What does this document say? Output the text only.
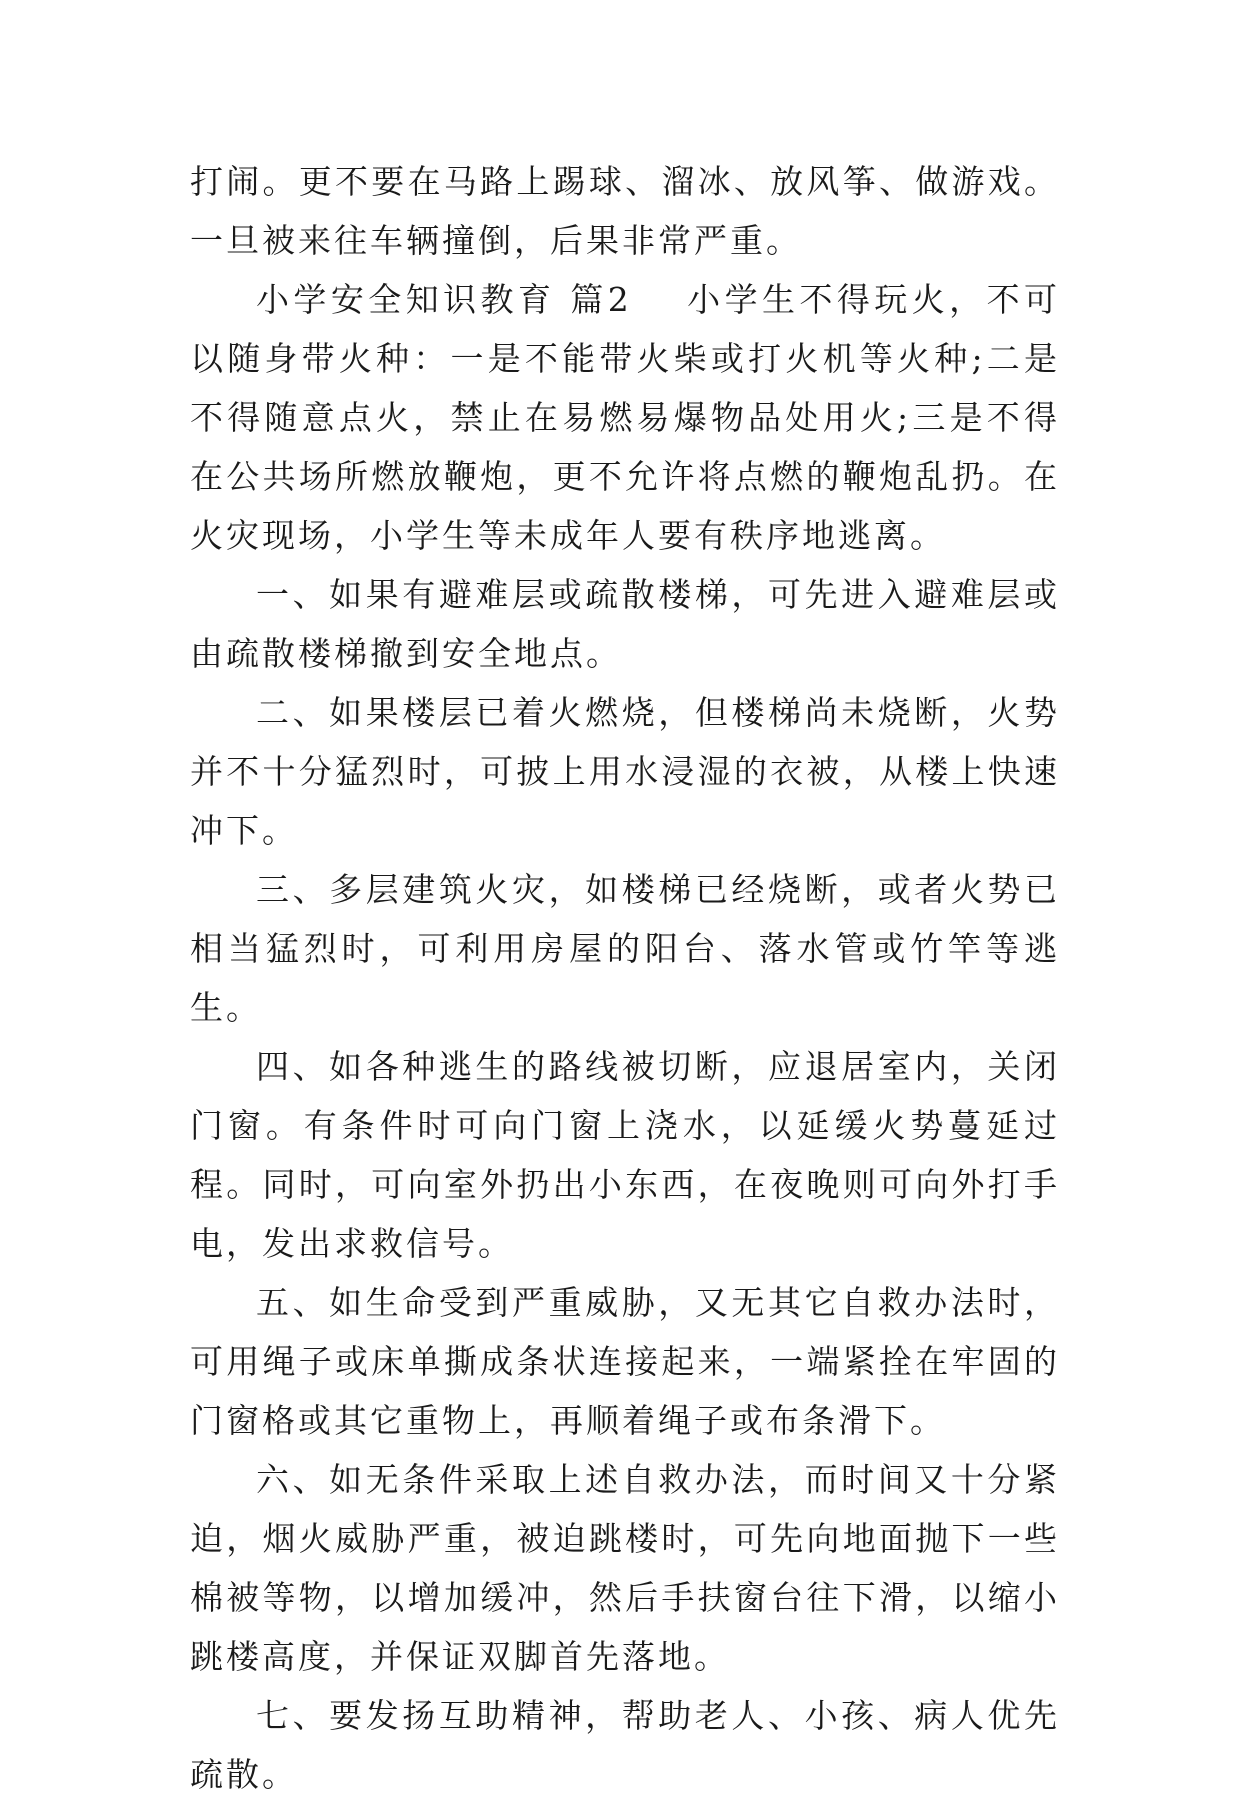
打闹。更不要在马路上踢球、溜冰、放风筝、做游戏。一旦被来往车辆撞倒，后果非常严重。

小学安全知识教育 篇2 小学生不得玩火，不可以随身带火种：一是不能带火柴或打火机等火种;二是不得随意点火，禁止在易燃易爆物品处用火;三是不得在公共场所燃放鞭炮，更不允许将点燃的鞭炮乱扔。在火灾现场，小学生等未成年人要有秩序地逃离。

一、如果有避难层或疏散楼梯，可先进入避难层或由疏散楼梯撤到安全地点。

二、如果楼层已着火燃烧，但楼梯尚未烧断，火势并不十分猛烈时，可披上用水浸湿的衣被，从楼上快速冲下。

三、多层建筑火灾，如楼梯已经烧断，或者火势已相当猛烈时，可利用房屋的阳台、落水管或竹竿等逃生。

四、如各种逃生的路线被切断，应退居室内，关闭门窗。有条件时可向门窗上浇水，以延缓火势蔓延过程。同时，可向室外扔出小东西，在夜晚则可向外打手电，发出求救信号。

五、如生命受到严重威胁，又无其它自救办法时，可用绳子或床单撕成条状连接起来，一端紧拴在牢固的门窗格或其它重物上，再顺着绳子或布条滑下。

六、如无条件采取上述自救办法，而时间又十分紧迫，烟火威胁严重，被迫跳楼时，可先向地面抛下一些棉被等物，以增加缓冲，然后手扶窗台往下滑，以缩小跳楼高度，并保证双脚首先落地。

七、要发扬互助精神，帮助老人、小孩、病人优先疏散。
